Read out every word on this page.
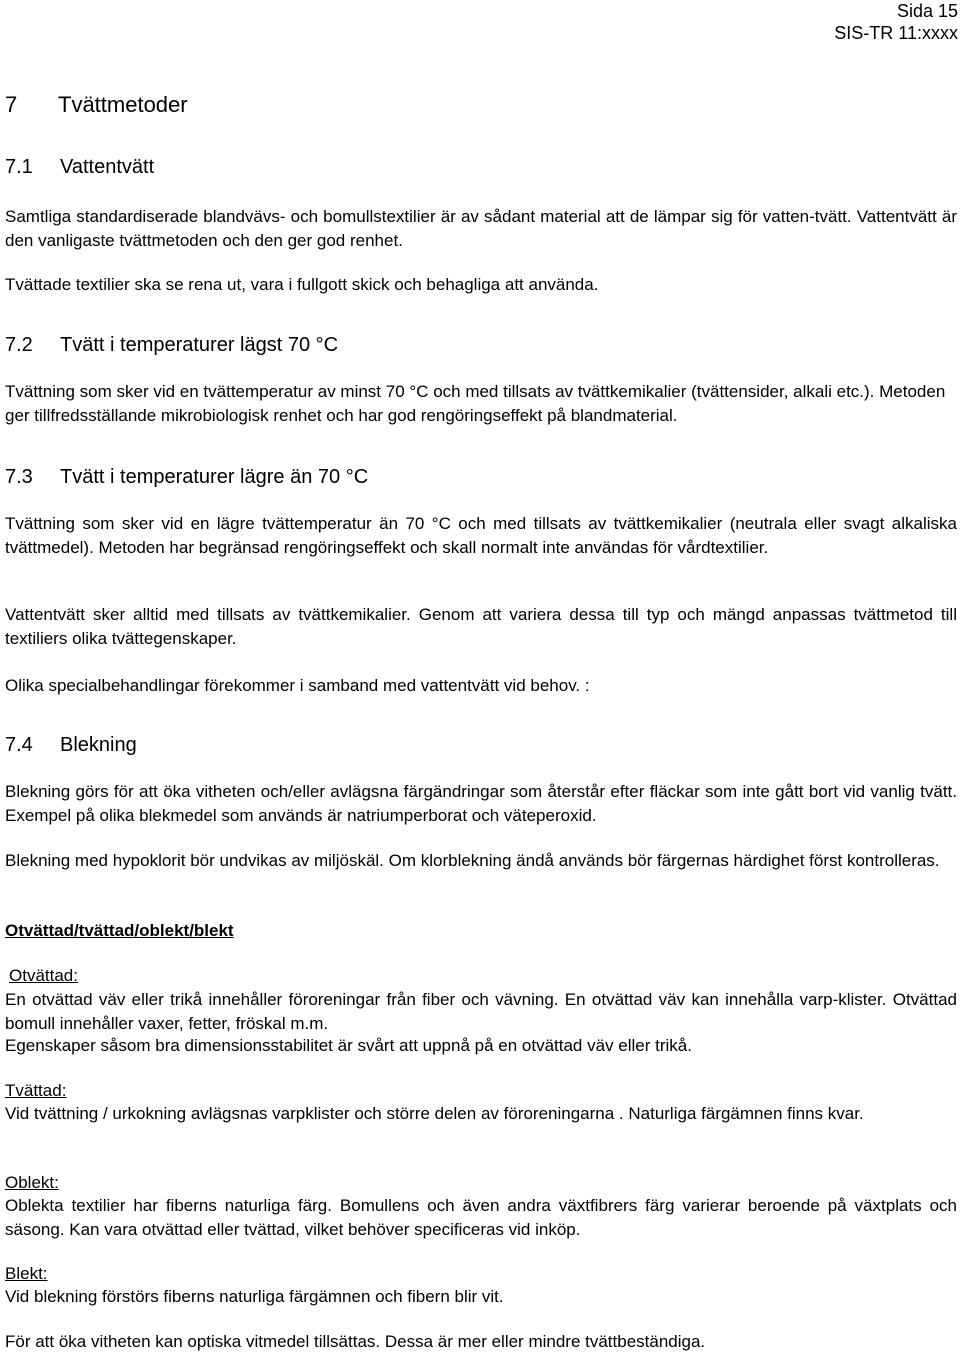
Sida 15
SIS-TR 11:xxxx
7 Tvättmetoder
7.1 Vattentvätt

Samtliga standardiserade blandvävs- och bomullstextilier är av sådant material att de lämpar sig för vatten-tvätt. Vattentvätt är den vanligaste tvättmetoden och den ger god renhet.

Tvättade textilier ska se rena ut, vara i fullgott skick och behagliga att använda.

7.2 Tvätt i temperaturer lägst 70 °C

Tvättning som sker vid en tvättemperatur av minst 70 °C och med tillsats av tvättkemikalier (tvättensider, alkali etc.). Metoden ger tillfredsställande mikrobiologisk renhet och har god rengöringseffekt på blandmaterial.

7.3 Tvätt i temperaturer lägre än 70 °C

Tvättning som sker vid en lägre tvättemperatur än 70 °C och med tillsats av tvättkemikalier (neutrala eller svagt alkaliska tvättmedel). Metoden har begränsad rengöringseffekt och skall normalt inte användas för vårdtextilier.

Vattentvätt sker alltid med tillsats av tvättkemikalier. Genom att variera dessa till typ och mängd anpassas tvättmetod till textiliers olika tvättegenskaper.

Olika specialbehandlingar förekommer i samband med vattentvätt vid behov. :

7.4 Blekning

Blekning görs för att öka vitheten och/eller avlägsna färgändringar som återstår efter fläckar som inte gått bort vid vanlig tvätt. Exempel på olika blekmedel som används är natriumperborat och väteperoxid.

Blekning med hypoklorit bör undvikas av miljöskäl. Om klorblekning ändå används bör färgernas härdighet först kontrolleras.

Otvättad/tvättad/oblekt/blekt

Otvättad:

En otvättad väv eller trikå innehåller föroreningar från fiber och vävning. En otvättad väv kan innehålla varp-klister. Otvättad bomull innehåller vaxer, fetter, fröskal m.m.

Egenskaper såsom bra dimensionsstabilitet är svårt att uppnå på en otvättad väv eller trikå.

Tvättad:

Vid tvättning / urkokning avlägsnas varpklister och större delen av föroreningarna . Naturliga färgämnen finns kvar.

Oblekt:

Oblekta textilier har fiberns naturliga färg. Bomullens och även andra växtfibrers färg varierar beroende på växtplats och säsong. Kan vara otvättad eller tvättad, vilket behöver specificeras vid inköp.

Blekt:

Vid blekning förstörs fiberns naturliga färgämnen och fibern blir vit.

För att öka vitheten kan optiska vitmedel tillsättas. Dessa är mer eller mindre tvättbeständiga.
